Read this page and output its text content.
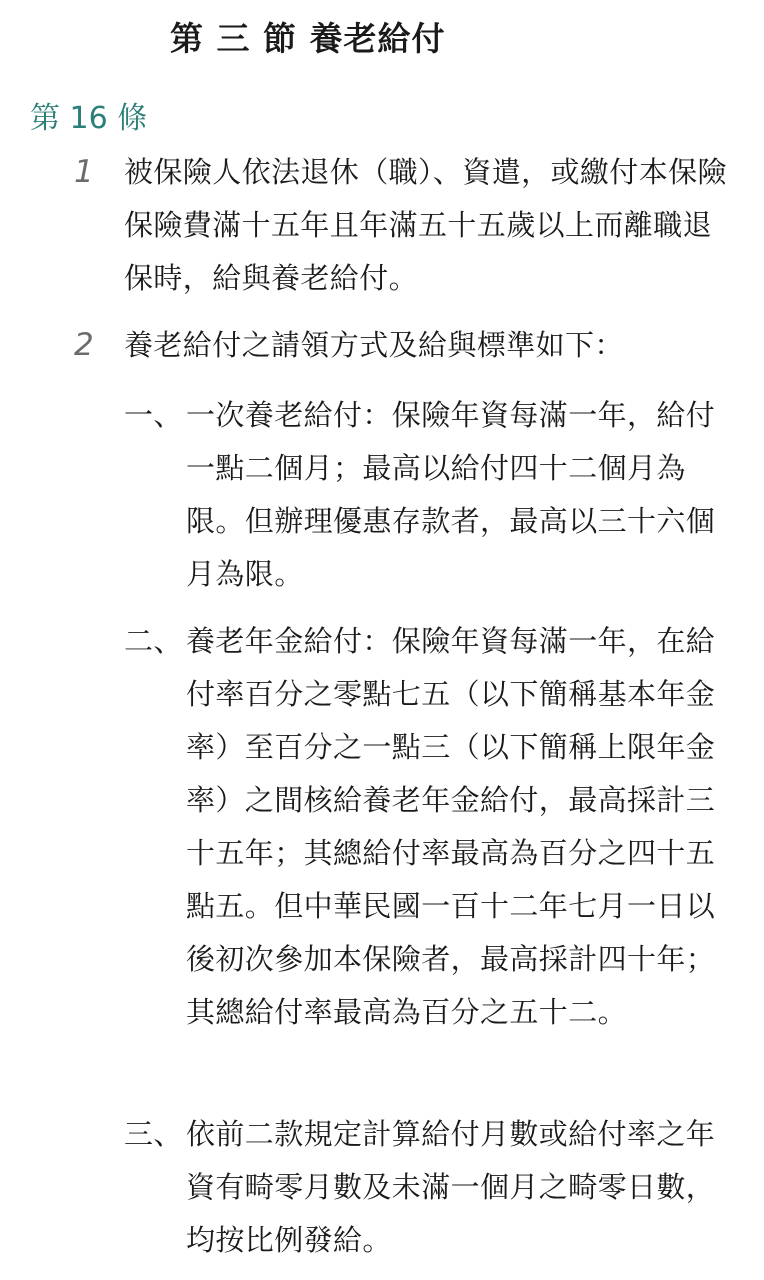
第 三 節 養老給付
第 16 條
1 被保險人依法退休（職）、資遣，或繳付本保險保險費滿十五年且年滿五十五歲以上而離職退保時，給與養老給付。

2 養老給付之請領方式及給與標準如下：

一、 一次養老給付：保險年資每滿一年，給付一點二個月；最高以給付四十二個月為限。但辦理優惠存款者，最高以三十六個月為限。

二、 養老年金給付：保險年資每滿一年，在給付率百分之零點七五（以下簡稱基本年金率）至百分之一點三（以下簡稱上限年金率）之間核給養老年金給付，最高採計三十五年；其總給付率最高為百分之四十五點五。但中華民國一百十二年七月一日以後初次參加本保險者，最高採計四十年；其總給付率最高為百分之五十二。

三、 依前二款規定計算給付月數或給付率之年資有畸零月數及未滿一個月之畸零日數，均按比例發給。
